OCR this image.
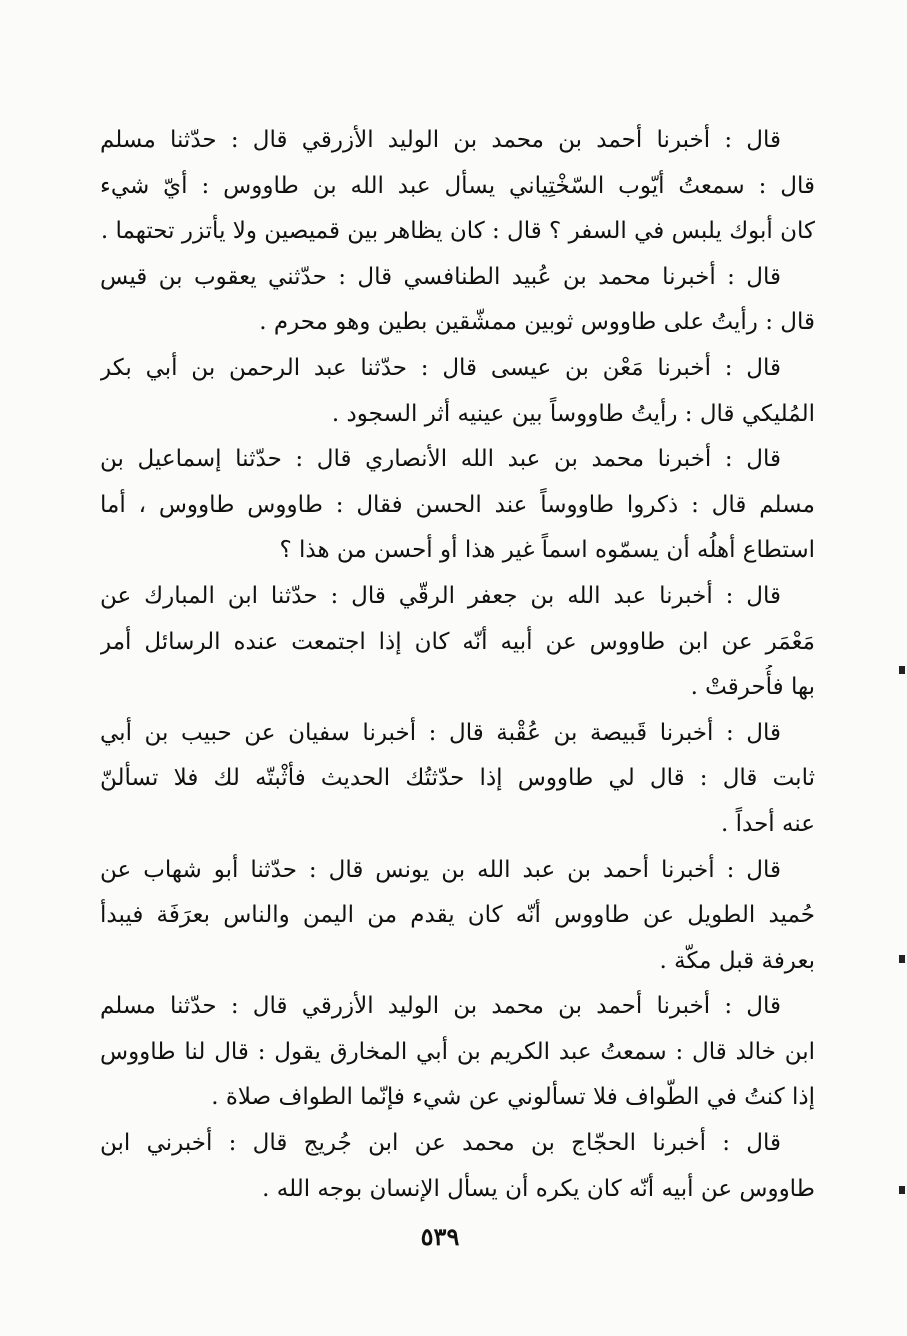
قال : أخبرنا أحمد بن محمد بن الوليد الأزرقي قال : حدّثنا مسلم
قال : سمعتُ أيّوب السّخْتِياني يسأل عبد الله بن طاووس : أيّ شيء
كان أبوك يلبس في السفر ؟ قال : كان يظاهر بين قميصين ولا يأتزر تحتهما .
قال : أخبرنا محمد بن عُبيد الطنافسي قال : حدّثني يعقوب بن قيس
قال : رأيتُ على طاووس ثوبين ممشّقين بطين وهو محرم .
قال : أخبرنا مَعْن بن عيسى قال : حدّثنا عبد الرحمن بن أبي بكر
المُليكي قال : رأيتُ طاووساً بين عينيه أثر السجود .
قال : أخبرنا محمد بن عبد الله الأنصاري قال : حدّثنا إسماعيل بن
مسلم قال : ذكروا طاووساً عند الحسن فقال : طاووس طاووس ، أما
استطاع أهلُه أن يسمّوه اسماً غير هذا أو أحسن من هذا ؟
قال : أخبرنا عبد الله بن جعفر الرقّي قال : حدّثنا ابن المبارك عن
مَعْمَر عن ابن طاووس عن أبيه أنّه كان إذا اجتمعت عنده الرسائل أمر
بها فأُحرقتْ .
قال : أخبرنا قَبيصة بن عُقْبة قال : أخبرنا سفيان عن حبيب بن أبي
ثابت قال : قال لي طاووس إذا حدّثتُك الحديث فأثْبتّه لك فلا تسألنّ
عنه أحداً .
قال : أخبرنا أحمد بن عبد الله بن يونس قال : حدّثنا أبو شهاب عن
حُميد الطويل عن طاووس أنّه كان يقدم من اليمن والناس بعرَفَة فيبدأ
بعرفة قبل مكّة .
قال : أخبرنا أحمد بن محمد بن الوليد الأزرقي قال : حدّثنا مسلم
ابن خالد قال : سمعتُ عبد الكريم بن أبي المخارق يقول : قال لنا طاووس
إذا كنتُ في الطّواف فلا تسألوني عن شيء فإنّما الطواف صلاة .
قال : أخبرنا الحجّاج بن محمد عن ابن جُريج قال : أخبرني ابن
طاووس عن أبيه أنّه كان يكره أن يسأل الإنسان بوجه الله .
٥٣٩
